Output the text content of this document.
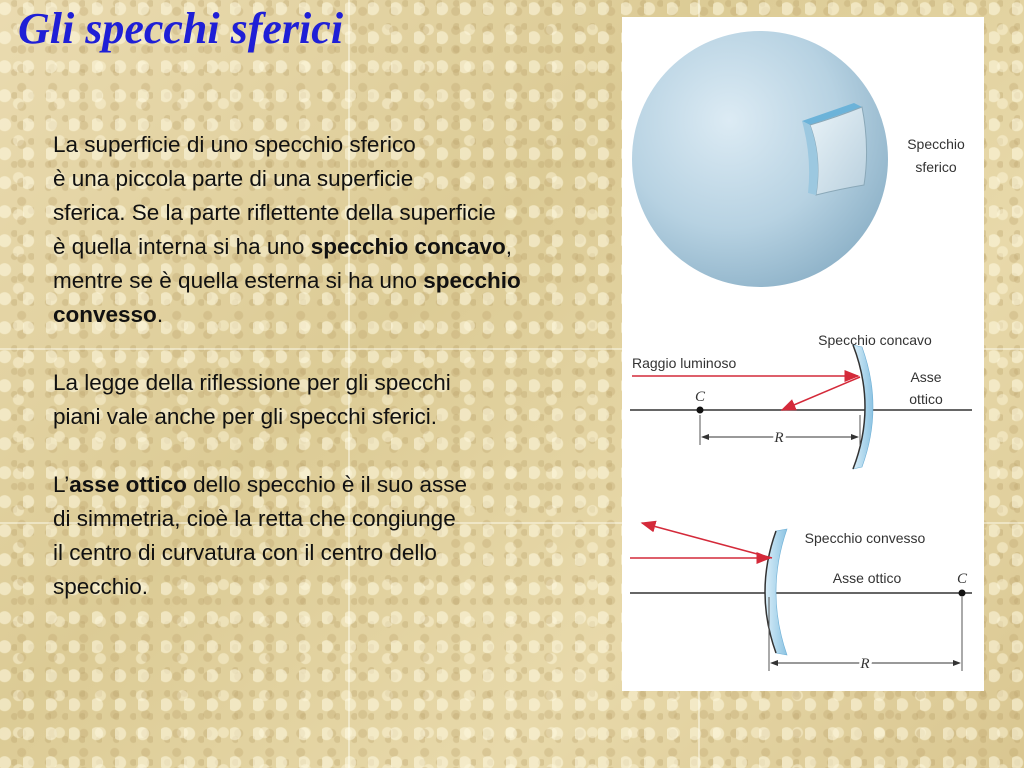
Gli specchi sferici

La superficie di uno specchio sferico
è una piccola parte di una superficie
sferica. Se la parte riflettente della superficie
è quella interna si ha uno specchio concavo,
mentre se è quella esterna si ha uno specchio
convesso.

La legge della riflessione per gli specchi
piani vale anche per gli specchi sferici.

L’asse ottico dello specchio è il suo asse
di simmetria, cioè la retta che congiunge
il centro di curvatura con il centro dello
specchio.

Specchio
sferico
Specchio concavo
Raggio luminoso
Asse
ottico
C
R
Specchio convesso
Asse ottico	C
R
